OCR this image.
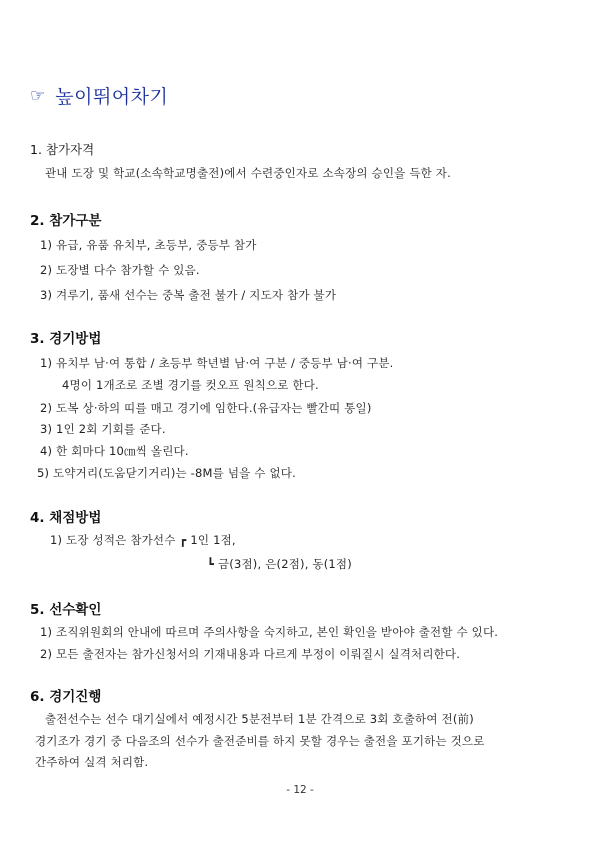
☞ 높이뛰어차기
1. 참가자격
관내 도장 및 학교(소속학교명출전)에서 수련중인자로 소속장의 승인을 득한 자.
2. 참가구분
1) 유급, 유품 유치부, 초등부, 중등부 참가
2) 도장별 다수 참가할 수 있음.
3) 겨루기, 품새 선수는 중복 출전 불가 / 지도자 참가 불가
3. 경기방법
1) 유치부 남·여 통합 / 초등부 학년별 남·여 구분 / 중등부 남·여 구분.
4명이 1개조로 조별 경기를 컷오프 원칙으로 한다.
2) 도복 상·하의 띠를 매고 경기에 임한다.(유급자는 빨간띠 통일)
3) 1인 2회 기회를 준다.
4) 한 회마다 10㎝씩 올린다.
5) 도약거리(도움닫기거리)는 -8M를 넘을 수 없다.
4. 채점방법
1) 도장 성적은 참가선수 ┏ 1인 1점,
┗ 금(3점), 은(2점), 동(1점)
5. 선수확인
1) 조직위원회의 안내에 따르며 주의사항을 숙지하고, 본인 확인을 받아야 출전할 수 있다.
2) 모든 출전자는 참가신청서의 기재내용과 다르게 부정이 이뤄질시 실격처리한다.
6. 경기진행
출전선수는 선수 대기실에서 예정시간 5분전부터 1분 간격으로 3회 호출하여 전(前)
경기조가 경기 중 다음조의 선수가 출전준비를 하지 못할 경우는 출전을 포기하는 것으로
간주하여 실격 처리함.
- 12 -
